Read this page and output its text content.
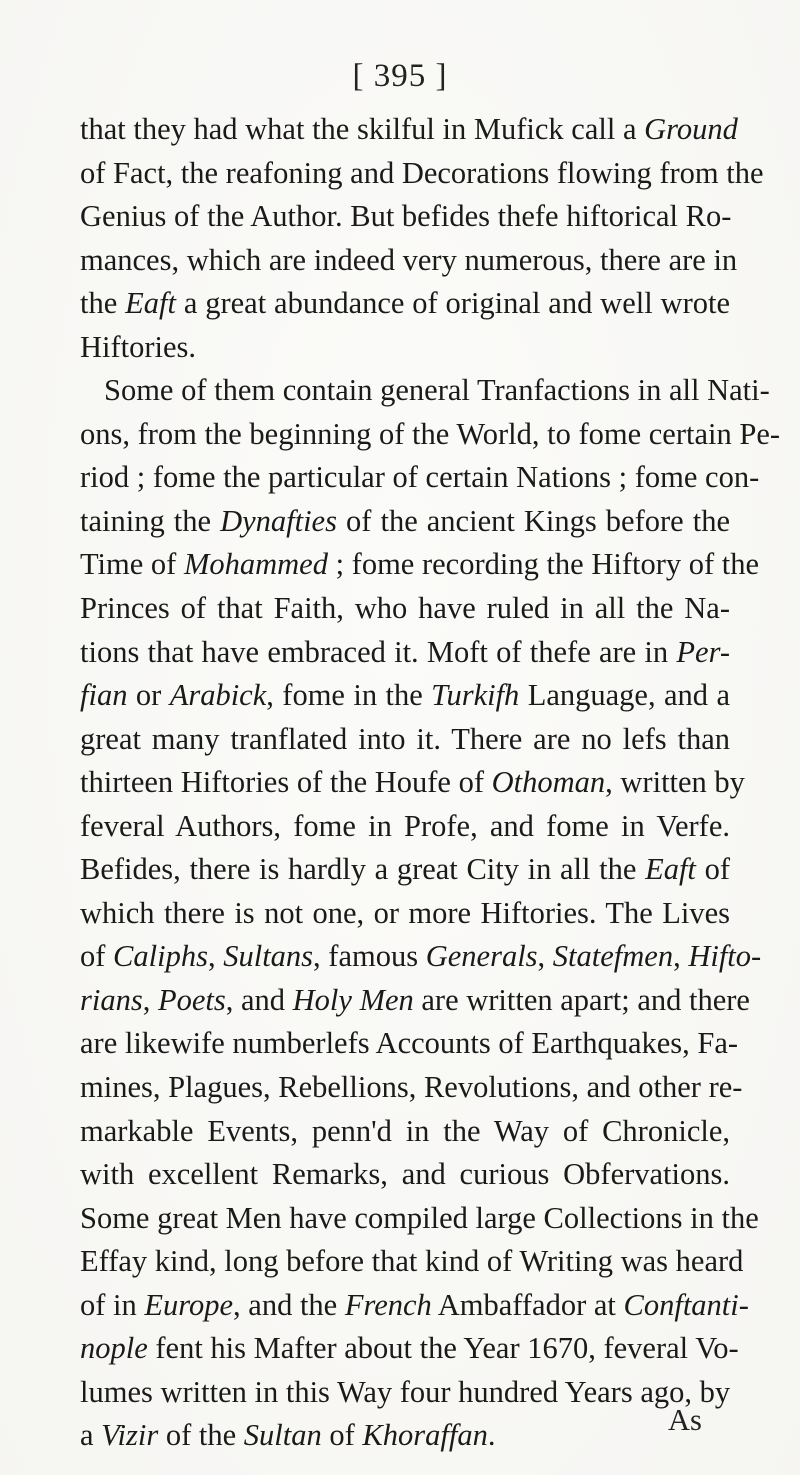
[ 395 ]
that they had what the skilful in Mufick call a Ground
of Fact, the reafoning and Decorations flowing from the
Genius of the Author. But befides thefe hiftorical Ro-
mances, which are indeed very numerous, there are in
the Eaft a great abundance of original and well wrote
Hiftories.
Some of them contain general Tranfactions in all Nati-
ons, from the beginning of the World, to fome certain Pe-
riod ; fome the particular of certain Nations ; fome con-
taining the Dynafties of the ancient Kings before the
Time of Mohammed ; fome recording the Hiftory of the
Princes of that Faith, who have ruled in all the Na-
tions that have embraced it. Moft of thefe are in Per-
fian or Arabick, fome in the Turkifh Language, and a
great many tranflated into it. There are no lefs than
thirteen Hiftories of the Houfe of Othoman, written by
feveral Authors, fome in Profe, and fome in Verfe.
Befides, there is hardly a great City in all the Eaft of
which there is not one, or more Hiftories. The Lives
of Caliphs, Sultans, famous Generals, Statefmen, Hifto-
rians, Poets, and Holy Men are written apart; and there
are likewife numberlefs Accounts of Earthquakes, Fa-
mines, Plagues, Rebellions, Revolutions, and other re-
markable Events, penn'd in the Way of Chronicle,
with excellent Remarks, and curious Obfervations.
Some great Men have compiled large Collections in the
Effay kind, long before that kind of Writing was heard
of in Europe, and the French Ambaffador at Conftanti-
nople fent his Mafter about the Year 1670, feveral Vo-
lumes written in this Way four hundred Years ago, by
a Vizir of the Sultan of Khoraffan.	As
